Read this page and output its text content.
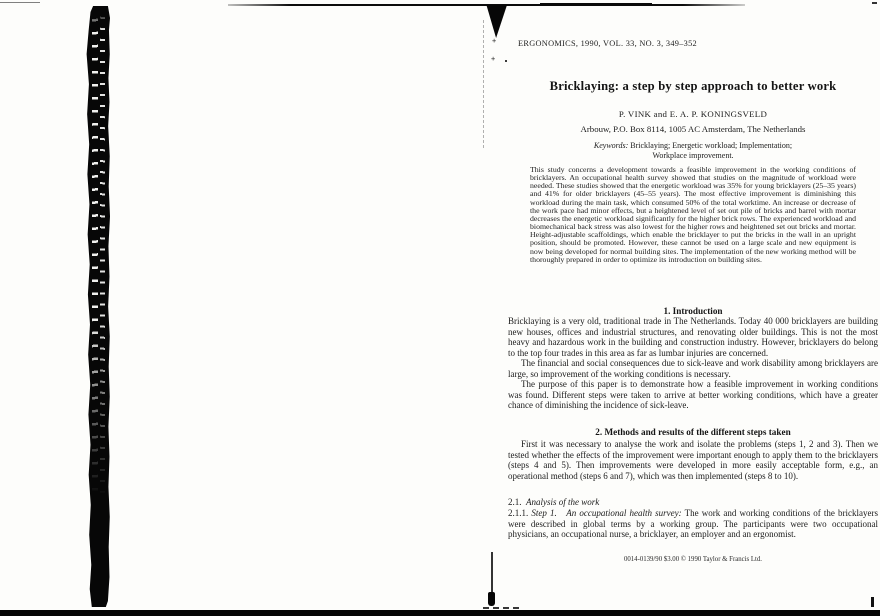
+
+
ERGONOMICS, 1990, VOL. 33, NO. 3, 349–352
Bricklaying: a step by step approach to better work
P. VINK and E. A. P. KONINGSVELD
Arbouw, P.O. Box 8114, 1005 AC Amsterdam, The Netherlands
Keywords: Bricklaying; Energetic workload; Implementation;
Workplace improvement.
This study concerns a development towards a feasible improvement in the working conditions of bricklayers. An occupational health survey showed that studies on the magnitude of workload were needed. These studies showed that the energetic workload was 35% for young bricklayers (25–35 years) and 41% for older bricklayers (45–55 years). The most effective improvement is diminishing this workload during the main task, which consumed 50% of the total worktime. An increase or decrease of the work pace had minor effects, but a heightened level of set out pile of bricks and barrel with mortar decreases the energetic workload significantly for the higher brick rows. The experienced workload and biomechanical back stress was also lowest for the higher rows and heightened set out bricks and mortar. Height-adjustable scaffoldings, which enable the bricklayer to put the bricks in the wall in an upright position, should be promoted. However, these cannot be used on a large scale and new equipment is now being developed for normal building sites. The implementation of the new working method will be thoroughly prepared in order to optimize its introduction on building sites.
1. Introduction

Bricklaying is a very old, traditional trade in The Netherlands. Today 40 000 bricklayers are building new houses, offices and industrial structures, and renovating older buildings. This is not the most heavy and hazardous work in the building and construction industry. However, bricklayers do belong to the top four trades in this area as far as lumbar injuries are concerned.

The financial and social consequences due to sick-leave and work disability among bricklayers are large, so improvement of the working conditions is necessary.

The purpose of this paper is to demonstrate how a feasible improvement in working conditions was found. Different steps were taken to arrive at better working conditions, which have a greater chance of diminishing the incidence of sick-leave.

2. Methods and results of the different steps taken

First it was necessary to analyse the work and isolate the problems (steps 1, 2 and 3). Then we tested whether the effects of the improvement were important enough to apply them to the bricklayers (steps 4 and 5). Then improvements were developed in more easily acceptable form, e.g., an operational method (steps 6 and 7), which was then implemented (steps 8 to 10).

2.1. Analysis of the work

2.1.1. Step 1. An occupational health survey: The work and working conditions of the bricklayers were described in global terms by a working group. The participants were two occupational physicians, an occupational nurse, a bricklayer, an employer and an ergonomist.

0014-0139/90 $3.00 © 1990 Taylor & Francis Ltd.
